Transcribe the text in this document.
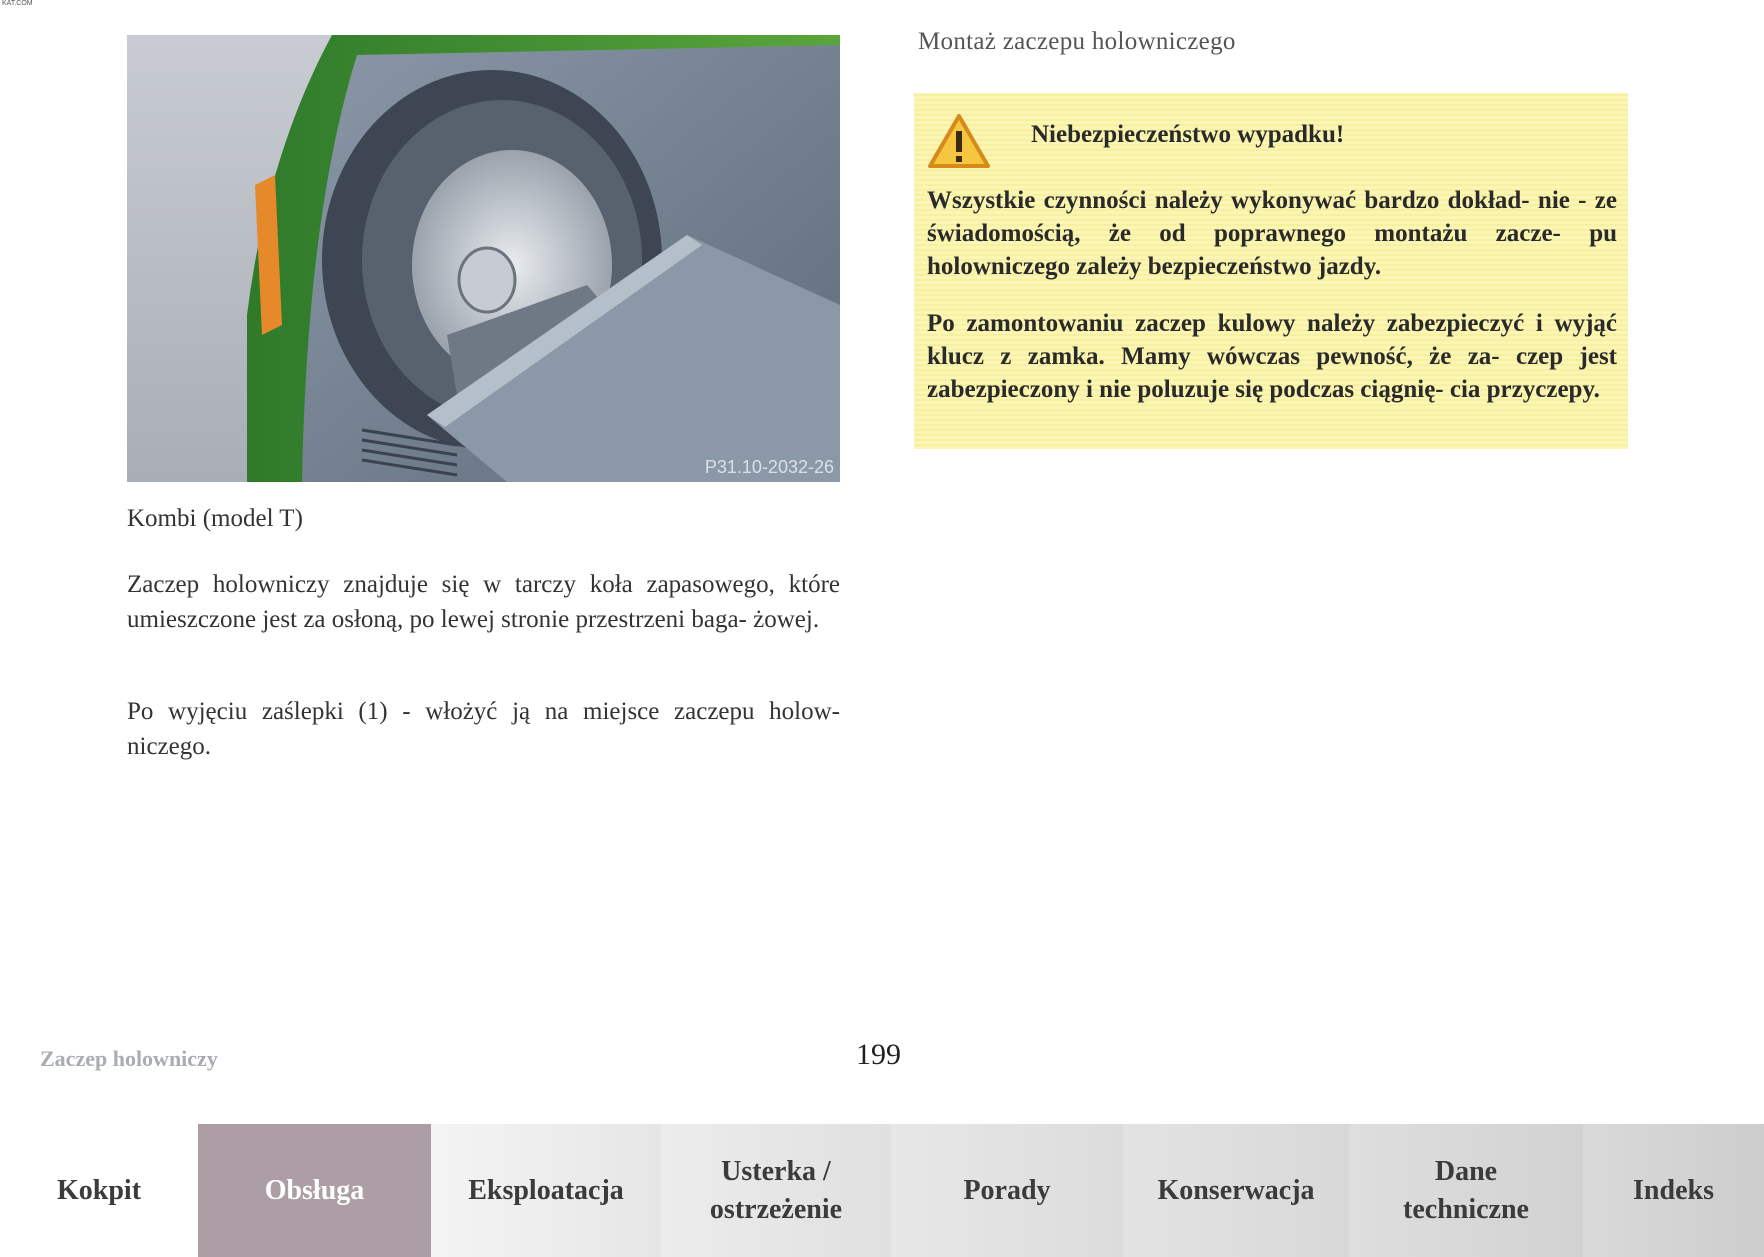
KAT.COM
P31.10-2032-26
Kombi (model T)

Zaczep holowniczy znajduje się w tarczy koła zapasowego, które umieszczone jest za osłoną, po lewej stronie przestrzeni baga- żowej.

Po wyjęciu zaślepki (1) - włożyć ją na miejsce zaczepu holow- niczego.

Montaż zaczepu holowniczego
Niebezpieczeństwo wypadku!

Wszystkie czynności należy wykonywać bardzo dokład- nie - ze świadomością, że od poprawnego montażu zacze- pu holowniczego zależy bezpieczeństwo jazdy.

Po zamontowaniu zaczep kulowy należy zabezpieczyć i wyjąć klucz z zamka. Mamy wówczas pewność, że za- czep jest zabezpieczony i nie poluzuje się podczas ciągnię- cia przyczepy.

Zaczep holowniczy	199
Kokpit	Obsługa	Eksploatacja
Usterka / ostrzeżenie
Porady	Konserwacja
Dane techniczne
Indeks
